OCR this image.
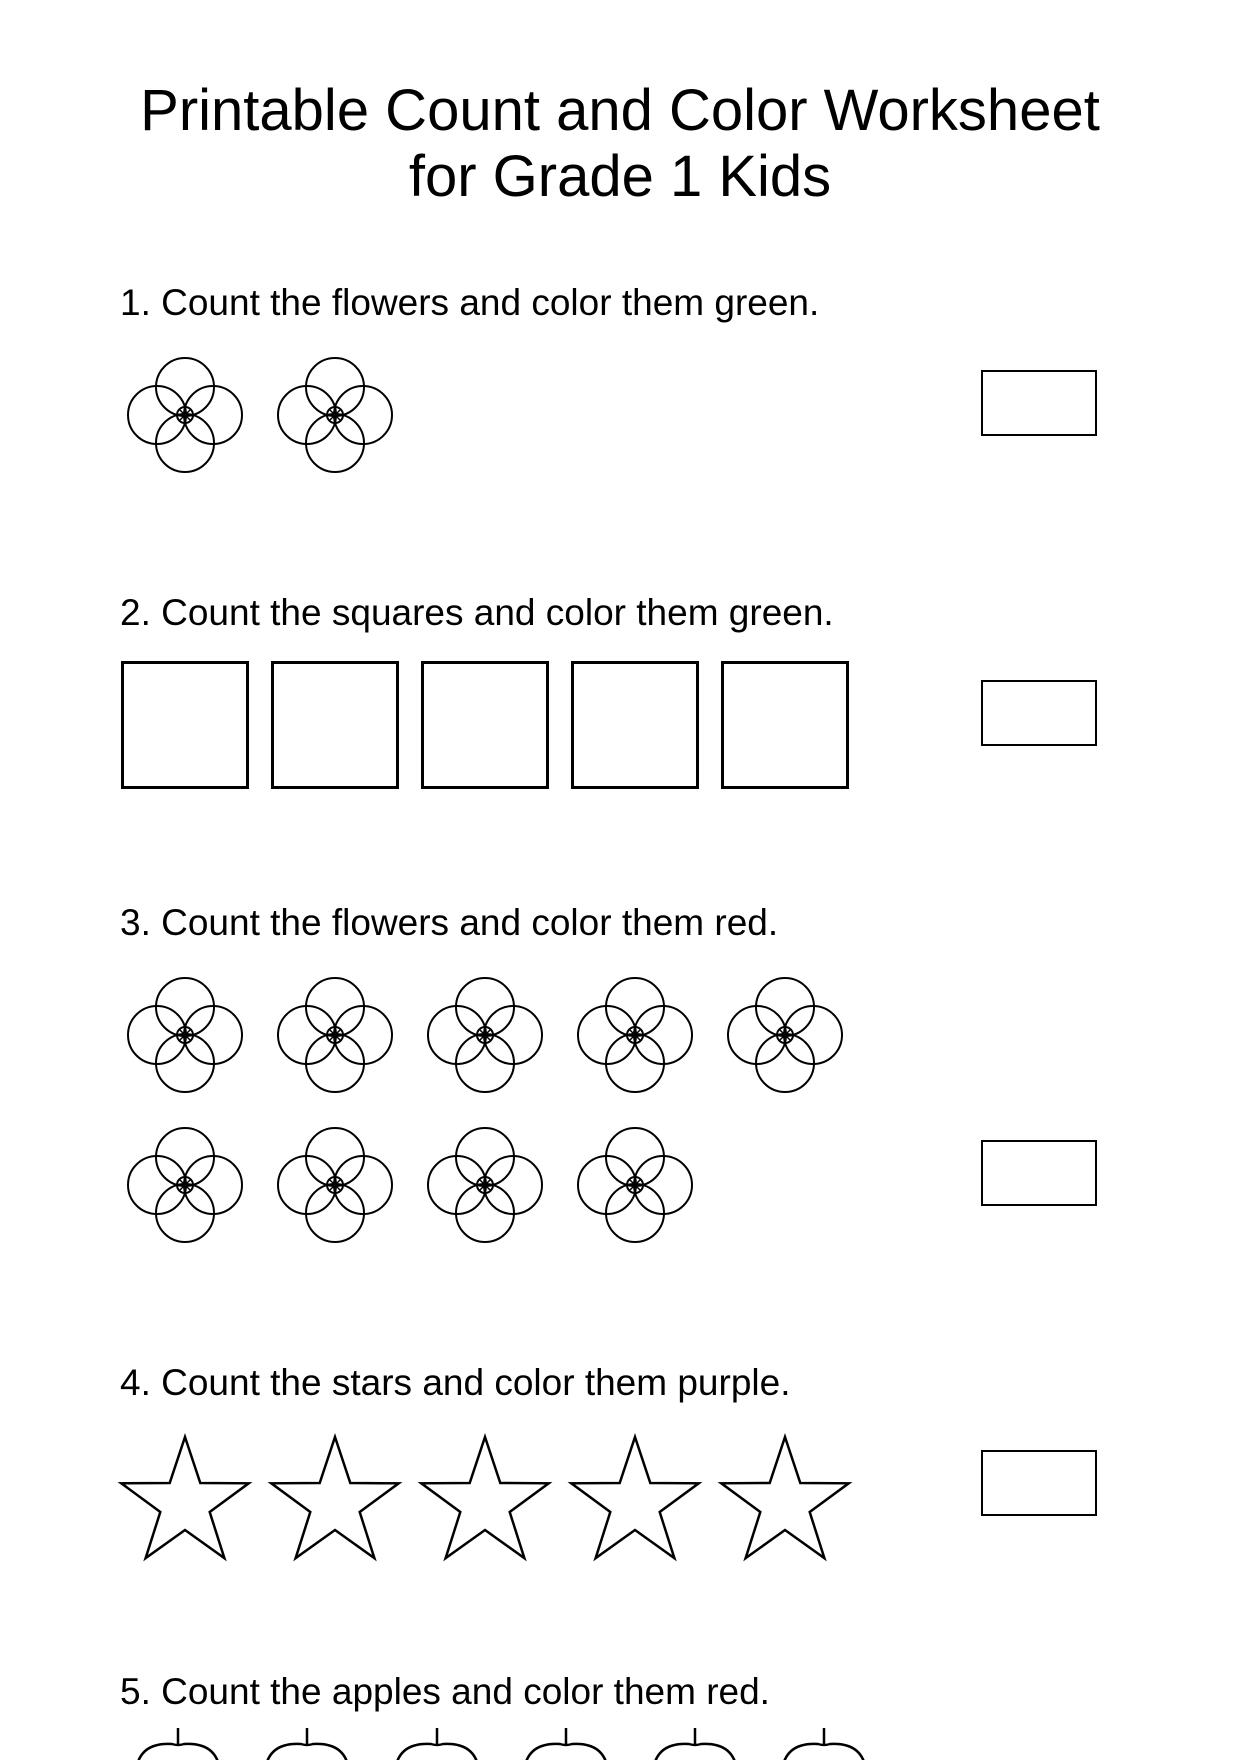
Printable Count and Color Worksheet
for Grade 1 Kids
1. Count the flowers and color them green.
2. Count the squares and color them green.
3. Count the flowers and color them red.
4. Count the stars and color them purple.
5. Count the apples and color them red.
